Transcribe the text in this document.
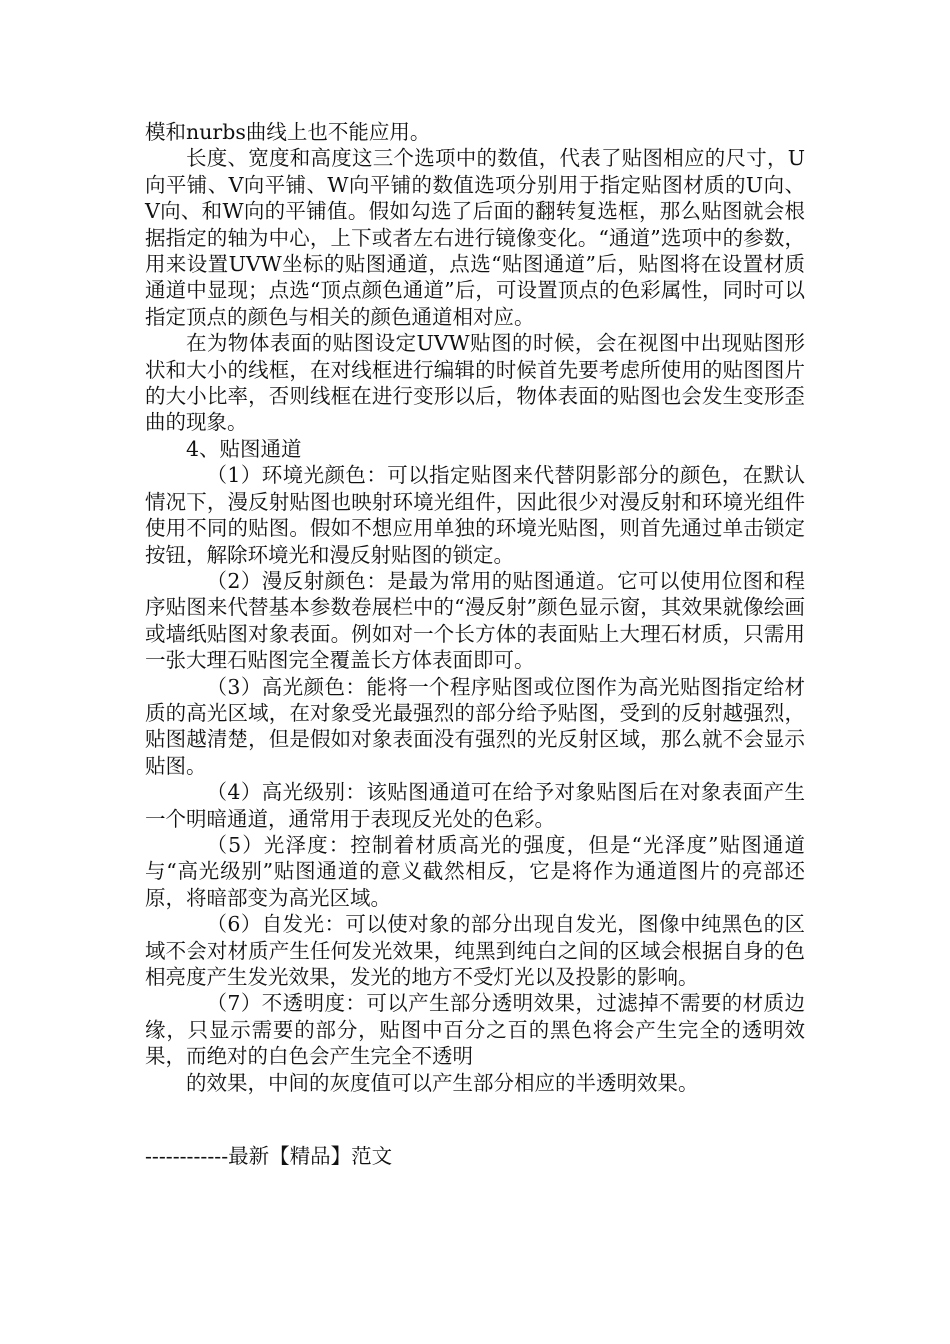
模和nurbs曲线上也不能应用。

长度、宽度和高度这三个选项中的数值，代表了贴图相应的尺寸，U向平铺、V向平铺、W向平铺的数值选项分别用于指定贴图材质的U向、V向、和W向的平铺值。假如勾选了后面的翻转复选框，那么贴图就会根据指定的轴为中心，上下或者左右进行镜像变化。“通道”选项中的参数，用来设置UVW坐标的贴图通道，点选“贴图通道”后，贴图将在设置材质通道中显现；点选“顶点颜色通道”后，可设置顶点的色彩属性，同时可以指定顶点的颜色与相关的颜色通道相对应。

在为物体表面的贴图设定UVW贴图的时候，会在视图中出现贴图形状和大小的线框，在对线框进行编辑的时候首先要考虑所使用的贴图图片的大小比率，否则线框在进行变形以后，物体表面的贴图也会发生变形歪曲的现象。

4、贴图通道

（1）环境光颜色：可以指定贴图来代替阴影部分的颜色，在默认情况下，漫反射贴图也映射环境光组件，因此很少对漫反射和环境光组件使用不同的贴图。假如不想应用单独的环境光贴图，则首先通过单击锁定按钮，解除环境光和漫反射贴图的锁定。

（2）漫反射颜色：是最为常用的贴图通道。它可以使用位图和程序贴图来代替基本参数卷展栏中的“漫反射”颜色显示窗，其效果就像绘画或墙纸贴图对象表面。例如对一个长方体的表面贴上大理石材质，只需用一张大理石贴图完全覆盖长方体表面即可。

（3）高光颜色：能将一个程序贴图或位图作为高光贴图指定给材质的高光区域，在对象受光最强烈的部分给予贴图，受到的反射越强烈，贴图越清楚，但是假如对象表面没有强烈的光反射区域，那么就不会显示贴图。

（4）高光级别：该贴图通道可在给予对象贴图后在对象表面产生一个明暗通道，通常用于表现反光处的色彩。

（5）光泽度：控制着材质高光的强度，但是“光泽度”贴图通道与“高光级别”贴图通道的意义截然相反，它是将作为通道图片的亮部还原，将暗部变为高光区域。

（6）自发光：可以使对象的部分出现自发光，图像中纯黑色的区域不会对材质产生任何发光效果，纯黑到纯白之间的区域会根据自身的色相亮度产生发光效果，发光的地方不受灯光以及投影的影响。

（7）不透明度：可以产生部分透明效果，过滤掉不需要的材质边缘，只显示需要的部分，贴图中百分之百的黑色将会产生完全的透明效果，而绝对的白色会产生完全不透明

的效果，中间的灰度值可以产生部分相应的半透明效果。

------------最新【精品】范文
